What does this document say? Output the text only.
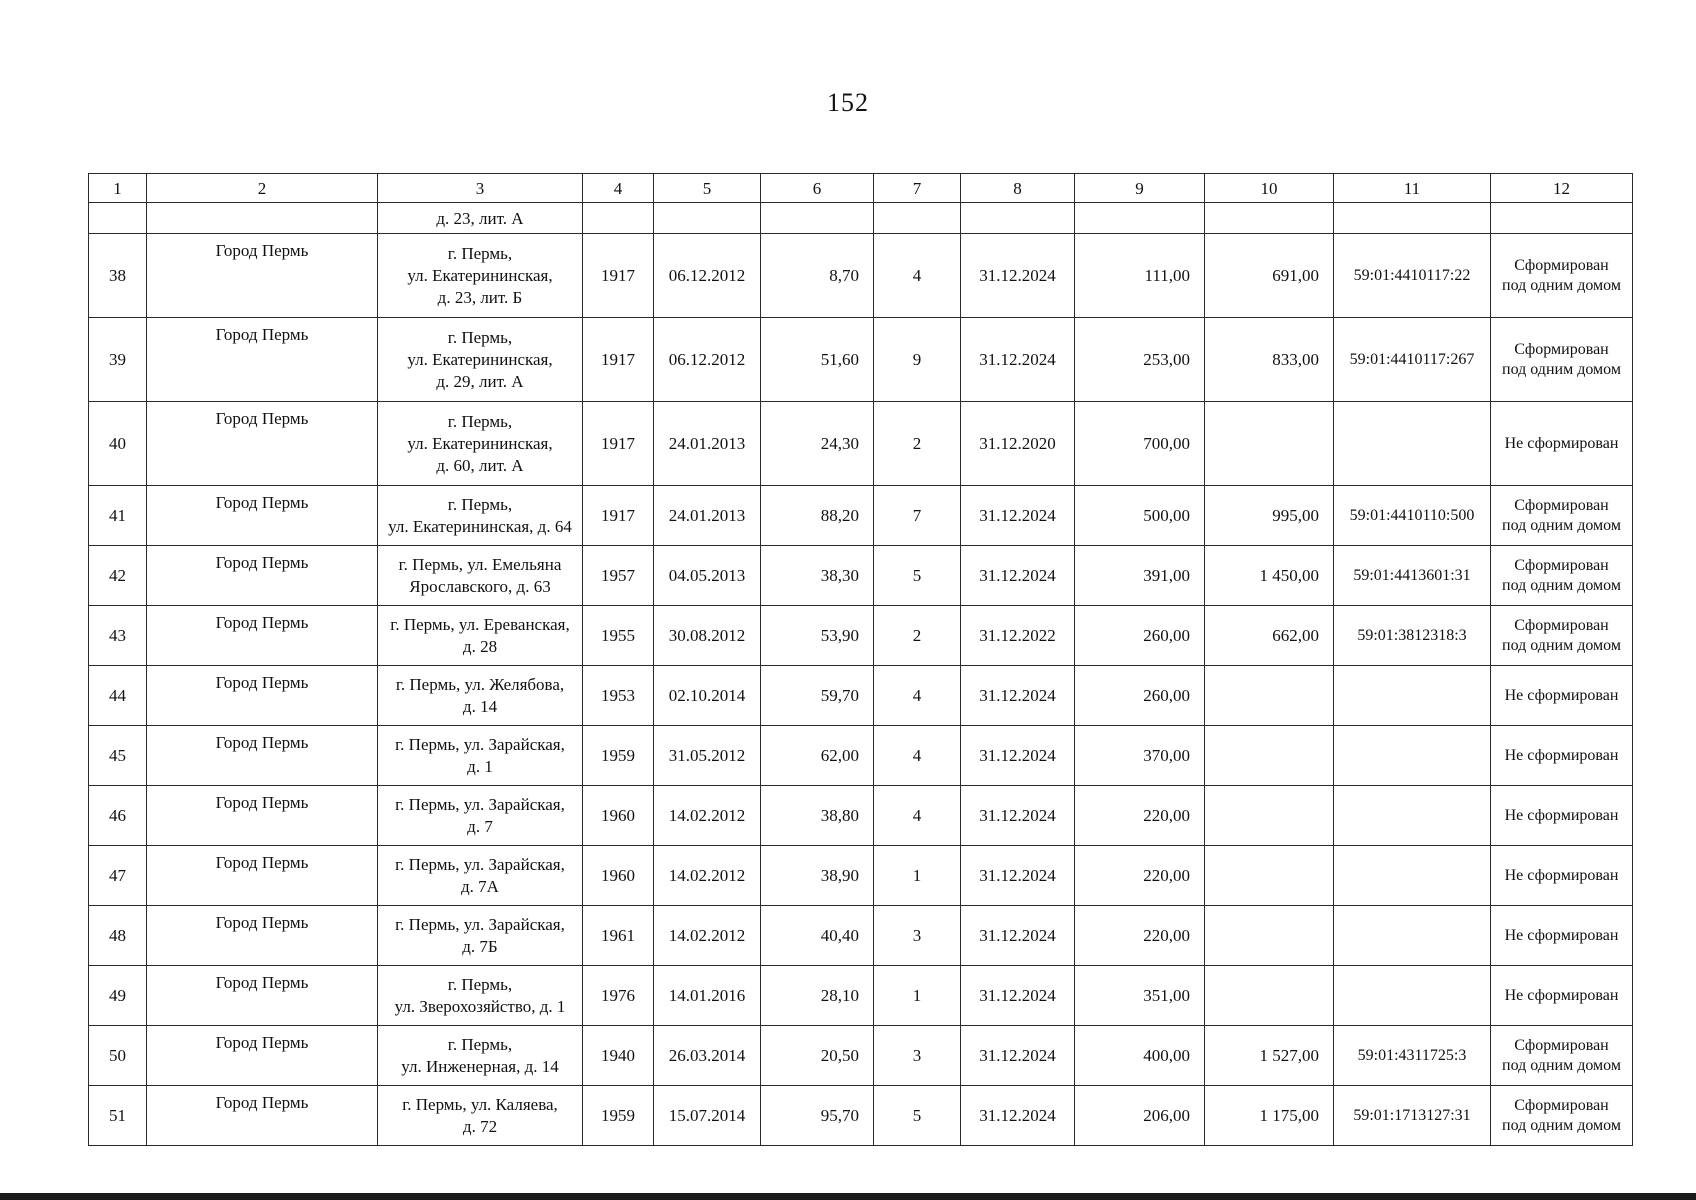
152
1	2	3	4	5	6	7	8	9	10	11	12
		д. 23, лит. А									
38	Город Пермь	г. Пермь,
ул. Екатерининская,
д. 23, лит. Б	1917	06.12.2012	8,70	4	31.12.2024	111,00	691,00	59:01:4410117:22	Сформирован
под одним домом

39	Город Пермь	г. Пермь,
ул. Екатерининская,
д. 29, лит. А	1917	06.12.2012	51,60	9	31.12.2024	253,00	833,00	59:01:4410117:267	Сформирован
под одним домом

40	Город Пермь	г. Пермь,
ул. Екатерининская,
д. 60, лит. А	1917	24.01.2013	24,30	2	31.12.2020	700,00			Не сформирован

41	Город Пермь	г. Пермь,
ул. Екатерининская, д. 64	1917	24.01.2013	88,20	7	31.12.2024	500,00	995,00	59:01:4410110:500	Сформирован
под одним домом

42	Город Пермь	г. Пермь, ул. Емельяна
Ярославского, д. 63	1957	04.05.2013	38,30	5	31.12.2024	391,00	1 450,00	59:01:4413601:31	Сформирован
под одним домом

43	Город Пермь	г. Пермь, ул. Ереванская,
д. 28	1955	30.08.2012	53,90	2	31.12.2022	260,00	662,00	59:01:3812318:3	Сформирован
под одним домом

44	Город Пермь	г. Пермь, ул. Желябова,
д. 14	1953	02.10.2014	59,70	4	31.12.2024	260,00			Не сформирован

45	Город Пермь	г. Пермь, ул. Зарайская,
д. 1	1959	31.05.2012	62,00	4	31.12.2024	370,00			Не сформирован

46	Город Пермь	г. Пермь, ул. Зарайская,
д. 7	1960	14.02.2012	38,80	4	31.12.2024	220,00			Не сформирован

47	Город Пермь	г. Пермь, ул. Зарайская,
д. 7А	1960	14.02.2012	38,90	1	31.12.2024	220,00			Не сформирован

48	Город Пермь	г. Пермь, ул. Зарайская,
д. 7Б	1961	14.02.2012	40,40	3	31.12.2024	220,00			Не сформирован

49	Город Пермь	г. Пермь,
ул. Зверохозяйство, д. 1	1976	14.01.2016	28,10	1	31.12.2024	351,00			Не сформирован

50	Город Пермь	г. Пермь,
ул. Инженерная, д. 14	1940	26.03.2014	20,50	3	31.12.2024	400,00	1 527,00	59:01:4311725:3	Сформирован
под одним домом

51	Город Пермь	г. Пермь, ул. Каляева,
д. 72	1959	15.07.2014	95,70	5	31.12.2024	206,00	1 175,00	59:01:1713127:31	Сформирован
под одним домом
